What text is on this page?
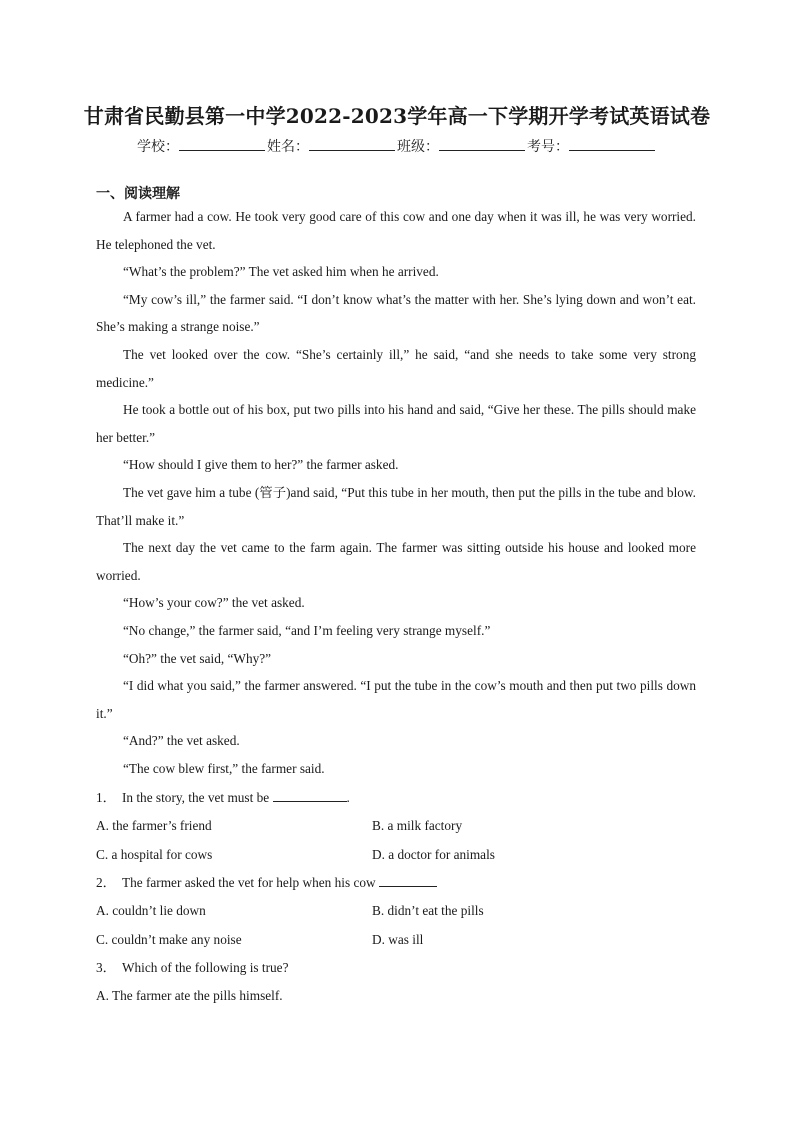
甘肃省民勤县第一中学2022-2023学年高一下学期开学考试英语试卷
学校：	姓名：	班级：	考号：
一、阅读理解

A farmer had a cow. He took very good care of this cow and one day when it was ill, he was very worried. He telephoned the vet.

“What’s the problem?” The vet asked him when he arrived.

“My cow’s ill,” the farmer said. “I don’t know what’s the matter with her. She’s lying down and won’t eat. She’s making a strange noise.”

The vet looked over the cow. “She’s certainly ill,” he said, “and she needs to take some very strong medicine.”

He took a bottle out of his box, put two pills into his hand and said, “Give her these. The pills should make her better.”

“How should I give them to her?” the farmer asked.

The vet gave him a tube (管子)and said, “Put this tube in her mouth, then put the pills in the tube and blow. That’ll make it.”

The next day the vet came to the farm again. The farmer was sitting outside his house and looked more worried.

“How’s your cow?” the vet asked.

“No change,” the farmer said, “and I’m feeling very strange myself.”

“Oh?” the vet said, “Why?”

“I did what you said,” the farmer answered. “I put the tube in the cow’s mouth and then put two pills down it.”

“And?” the vet asked.

“The cow blew first,” the farmer said.

1． In the story, the vet must be	.

A. the farmer’s friend	B. a milk factory
C. a hospital for cows	D. a doctor for animals

2． The farmer asked the vet for help when his cow

A. couldn’t lie down	B. didn’t eat the pills
C. couldn’t make any noise	D. was ill

3． Which of the following is true?

A. The farmer ate the pills himself.
